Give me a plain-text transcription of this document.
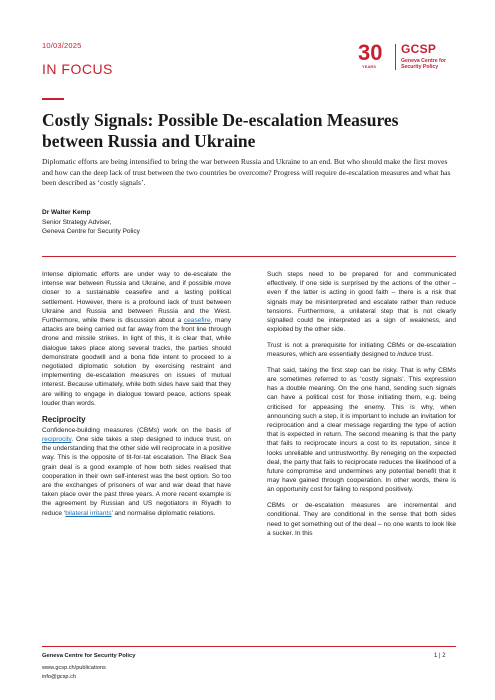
10/03/2025
IN FOCUS
30
YEARS
GCSP
Geneva Centre for
Security Policy
Costly Signals: Possible De-escalation Measures between Russia and Ukraine

Diplomatic efforts are being intensified to bring the war between Russia and Ukraine to an end. But who should make the first moves and how can the deep lack of trust between the two countries be overcome? Progress will require de-escalation measures and what has been described as ‘costly signals’.

Dr Walter Kemp
Senior Strategy Adviser,
Geneva Centre for Security Policy

Intense diplomatic efforts are under way to de-escalate the intense war between Russia and Ukraine, and if possible move closer to a sustainable ceasefire and a lasting political settlement. However, there is a profound lack of trust between Ukraine and Russia and between Russia and the West. Furthermore, while there is discussion about a ceasefire, many attacks are being carried out far away from the front line through drone and missile strikes. In light of this, it is clear that, while dialogue takes place along several tracks, the parties should demonstrate goodwill and a bona fide intent to proceed to a negotiated diplomatic solution by exercising restraint and implementing de-escalation measures on issues of mutual interest. Because ultimately, while both sides have said that they are willing to engage in dialogue toward peace, actions speak louder than words.

Reciprocity

Confidence-building measures (CBMs) work on the basis of reciprocity. One side takes a step designed to induce trust, on the understanding that the other side will reciprocate in a positive way. This is the opposite of tit-for-tat escalation. The Black Sea grain deal is a good example of how both sides realised that cooperation in their own self-interest was the best option. So too are the exchanges of prisoners of war and war dead that have taken place over the past three years. A more recent example is the agreement by Russian and US negotiators in Riyadh to reduce ‘bilateral irritants’ and normalise diplomatic relations.

Such steps need to be prepared for and communicated effectively. If one side is surprised by the actions of the other – even if the latter is acting in good faith – there is a risk that signals may be misinterpreted and escalate rather than reduce tensions. Furthermore, a unilateral step that is not clearly signalled could be interpreted as a sign of weakness, and exploited by the other side.

Trust is not a prerequisite for initiating CBMs or de-escalation measures, which are essentially designed to induce trust.

That said, taking the first step can be risky. That is why CBMs are sometimes referred to as ‘costly signals’. This expression has a double meaning. On the one hand, sending such signals can have a political cost for those initiating them, e.g. being criticised for appeasing the enemy. This is why, when announcing such a step, it is important to include an invitation for reciprocation and a clear message regarding the type of action that is expected in return. The second meaning is that the party that fails to reciprocate incurs a cost to its reputation, since it looks unreliable and untrustworthy. By reneging on the expected deal, the party that fails to reciprocate reduces the likelihood of a future compromise and undermines any potential benefit that it may have gained through cooperation. In other words, there is an opportunity cost for failing to respond positively.

CBMs or de-escalation measures are incremental and conditional. They are conditional in the sense that both sides need to get something out of the deal – no one wants to look like a sucker. In this

Geneva Centre for Security Policy
www.gcsp.ch/publications
info@gcsp.ch
1 | 2
